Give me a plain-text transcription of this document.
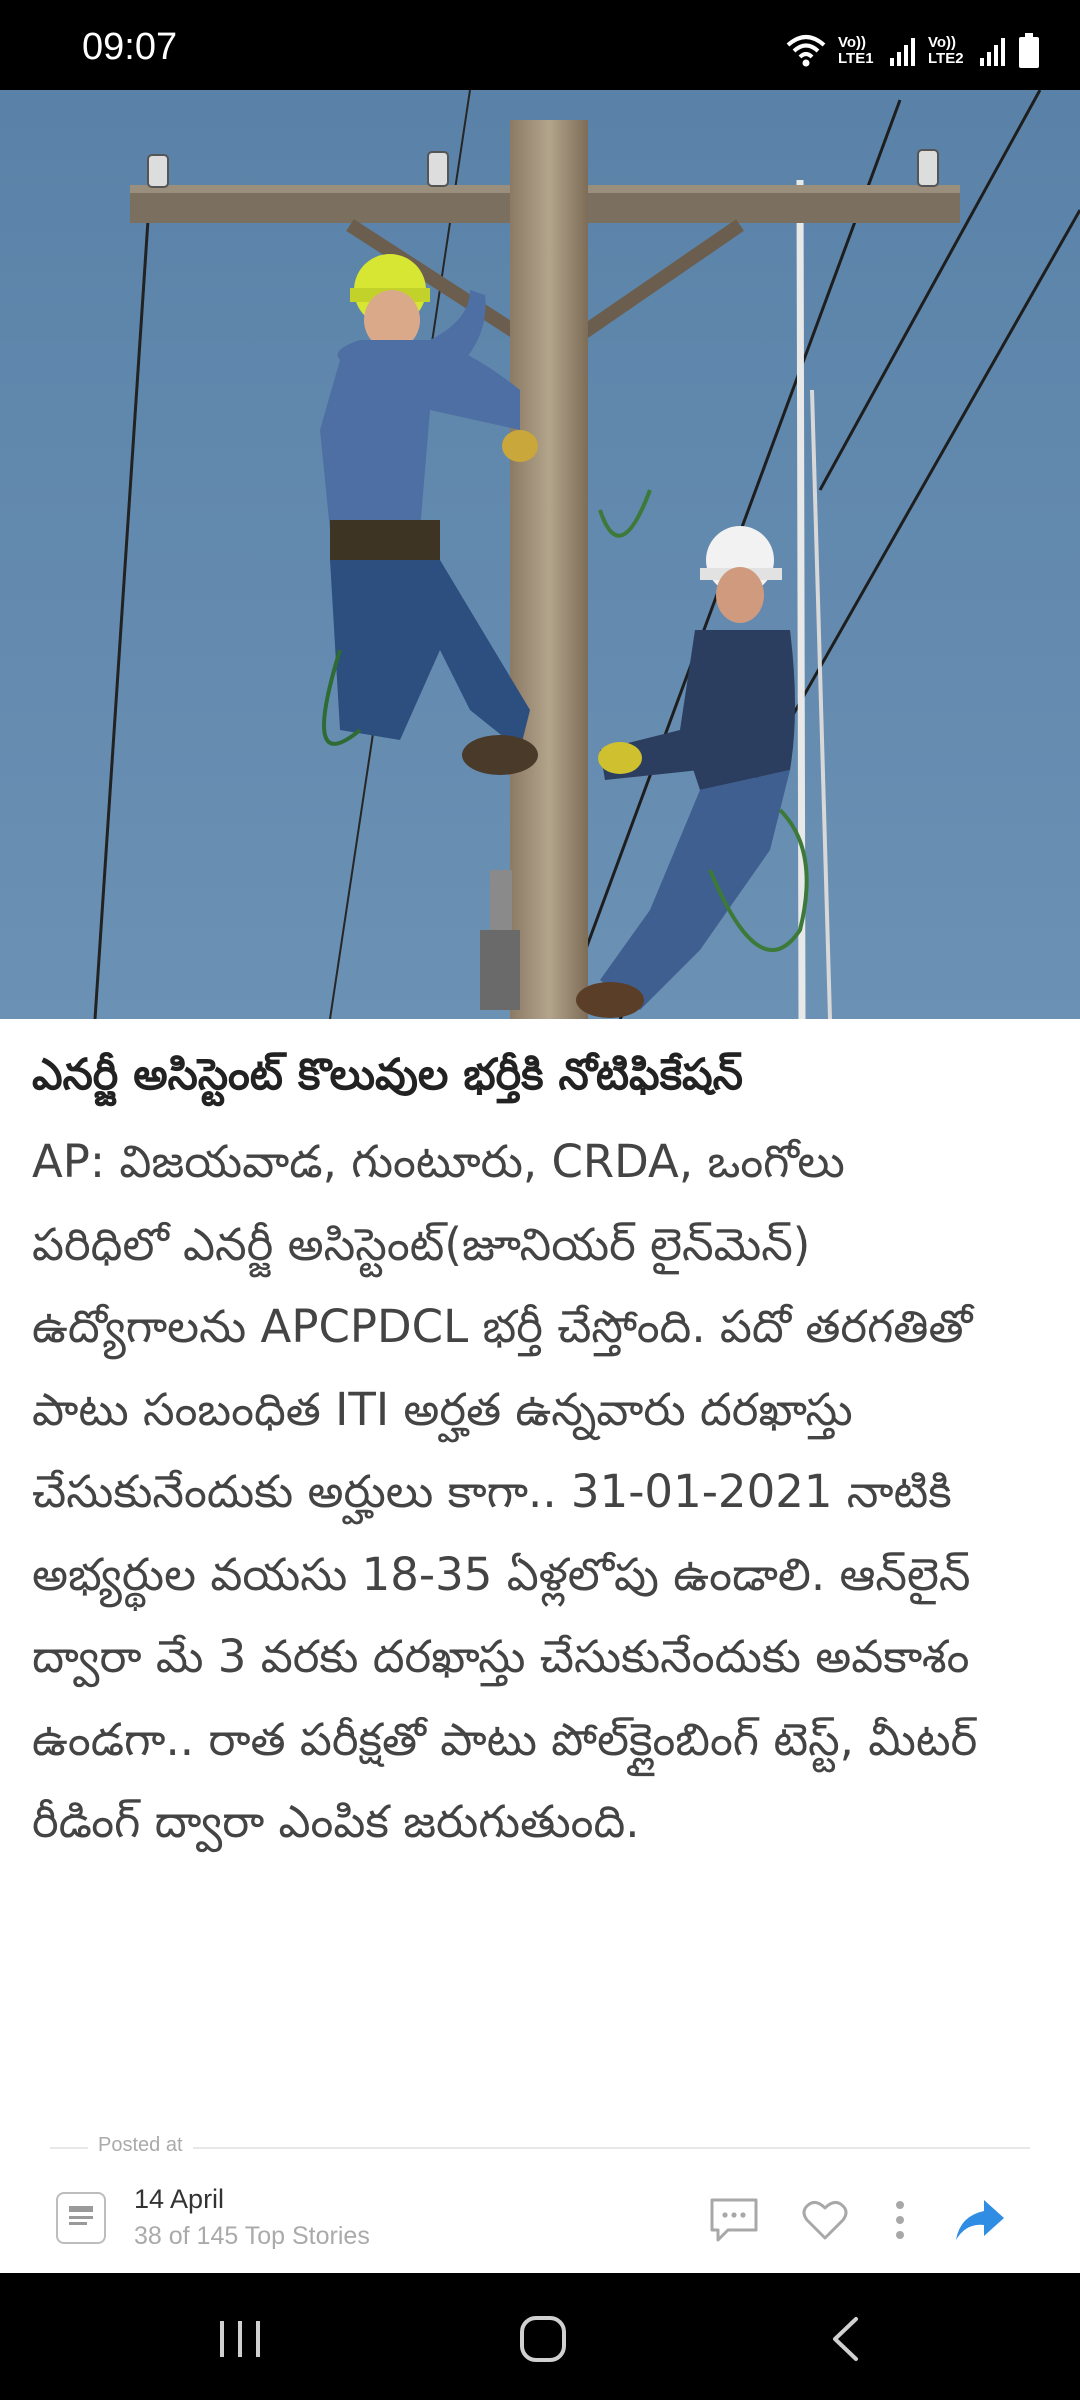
09:07	Vo)) LTE1
Vo)) LTE2
ఎనర్జీ అసిస్టెంట్ కొలువుల భర్తీకి నోటిఫికేషన్
AP: విజయవాడ, గుంటూరు, CRDA, ఒంగోలు
పరిధిలో ఎనర్జీ అసిస్టెంట్(జూనియర్ లైన్‌మెన్)
ఉద్యోగాలను APCPDCL భర్తీ చేస్తోంది. పదో తరగతితో
పాటు సంబంధిత ITI అర్హత ఉన్నవారు దరఖాస్తు
చేసుకునేందుకు అర్హులు కాగా.. 31-01-2021 నాటికి
అభ్యర్థుల వయసు 18-35 ఏళ్లలోపు ఉండాలి. ఆన్‌లైన్
ద్వారా మే 3 వరకు దరఖాస్తు చేసుకునేందుకు అవకాశం
ఉండగా.. రాత పరీక్షతో పాటు పోల్‌క్లైంబింగ్ టెస్ట్, మీటర్
రీడింగ్ ద్వారా ఎంపిక జరుగుతుంది.
Posted at
14 April
38 of 145 Top Stories
